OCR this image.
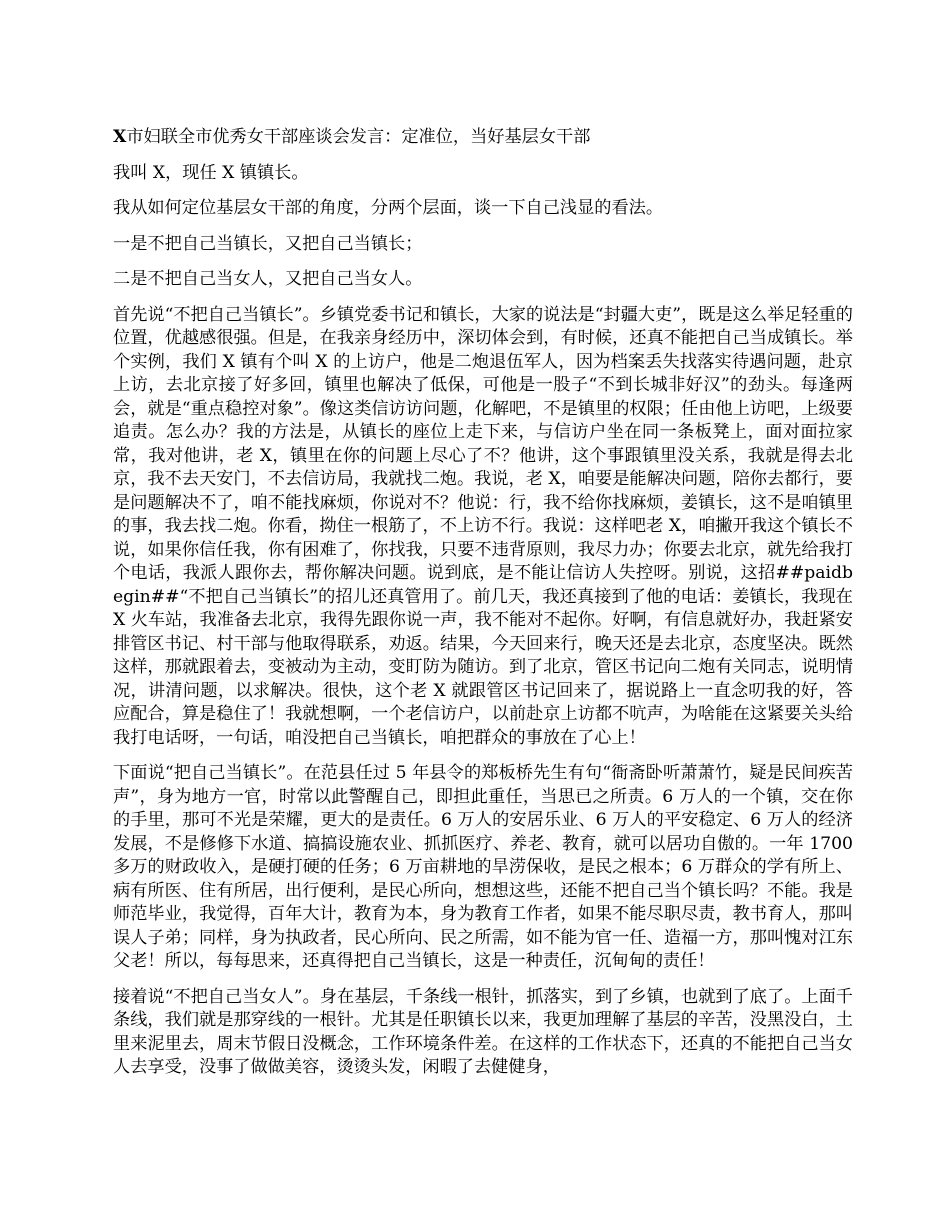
X市妇联全市优秀女干部座谈会发言：定准位，当好基层女干部

我叫 X，现任 X 镇镇长。

我从如何定位基层女干部的角度，分两个层面，谈一下自己浅显的看法。

一是不把自己当镇长，又把自己当镇长；

二是不把自己当女人，又把自己当女人。

首先说“不把自己当镇长”。乡镇党委书记和镇长，大家的说法是“封疆大吏”，既是这么举足轻重的位置，优越感很强。但是，在我亲身经历中，深切体会到，有时候，还真不能把自己当成镇长。举个实例，我们 X 镇有个叫 X 的上访户，他是二炮退伍军人，因为档案丢失找落实待遇问题，赴京上访，去北京接了好多回，镇里也解决了低保，可他是一股子“不到长城非好汉”的劲头。每逢两会，就是“重点稳控对象”。像这类信访访问题，化解吧，不是镇里的权限；任由他上访吧，上级要追责。怎么办？我的方法是，从镇长的座位上走下来，与信访户坐在同一条板凳上，面对面拉家常，我对他讲，老 X，镇里在你的问题上尽心了不？他讲，这个事跟镇里没关系，我就是得去北京，我不去天安门，不去信访局，我就找二炮。我说，老 X，咱要是能解决问题，陪你去都行，要是问题解决不了，咱不能找麻烦，你说对不？他说：行，我不给你找麻烦，姜镇长，这不是咱镇里的事，我去找二炮。你看，拗住一根筋了，不上访不行。我说：这样吧老 X，咱撇开我这个镇长不说，如果你信任我，你有困难了，你找我，只要不违背原则，我尽力办；你要去北京，就先给我打个电话，我派人跟你去，帮你解决问题。说到底，是不能让信访人失控呀。别说，这招##paidbegin##“不把自己当镇长”的招儿还真管用了。前几天，我还真接到了他的电话：姜镇长，我现在 X 火车站，我准备去北京，我得先跟你说一声，我不能对不起你。好啊，有信息就好办，我赶紧安排管区书记、村干部与他取得联系，劝返。结果，今天回来行，晚天还是去北京，态度坚决。既然这样，那就跟着去，变被动为主动，变盯防为随访。到了北京，管区书记向二炮有关同志，说明情况，讲清问题，以求解决。很快，这个老 X 就跟管区书记回来了，据说路上一直念叨我的好，答应配合，算是稳住了！我就想啊，一个老信访户，以前赴京上访都不吭声，为啥能在这紧要关头给我打电话呀，一句话，咱没把自己当镇长，咱把群众的事放在了心上！

下面说“把自己当镇长”。在范县任过 5 年县令的郑板桥先生有句“衙斋卧听萧萧竹，疑是民间疾苦声”，身为地方一官，时常以此警醒自己，即担此重任，当思已之所责。6 万人的一个镇，交在你的手里，那可不光是荣耀，更大的是责任。6 万人的安居乐业、6 万人的平安稳定、6 万人的经济发展，不是修修下水道、搞搞设施农业、抓抓医疗、养老、教育，就可以居功自傲的。一年 1700 多万的财政收入，是硬打硬的任务；6 万亩耕地的旱涝保收，是民之根本；6 万群众的学有所上、病有所医、住有所居，出行便利，是民心所向，想想这些，还能不把自己当个镇长吗？不能。我是师范毕业，我觉得，百年大计，教育为本，身为教育工作者，如果不能尽职尽责，教书育人，那叫误人子弟；同样，身为执政者，民心所向、民之所需，如不能为官一任、造福一方，那叫愧对江东父老！所以，每每思来，还真得把自己当镇长，这是一种责任，沉甸甸的责任！

接着说“不把自己当女人”。身在基层，千条线一根针，抓落实，到了乡镇，也就到了底了。上面千条线，我们就是那穿线的一根针。尤其是任职镇长以来，我更加理解了基层的辛苦，没黑没白，土里来泥里去，周末节假日没概念，工作环境条件差。在这样的工作状态下，还真的不能把自己当女人去享受，没事了做做美容，烫烫头发，闲暇了去健健身，
